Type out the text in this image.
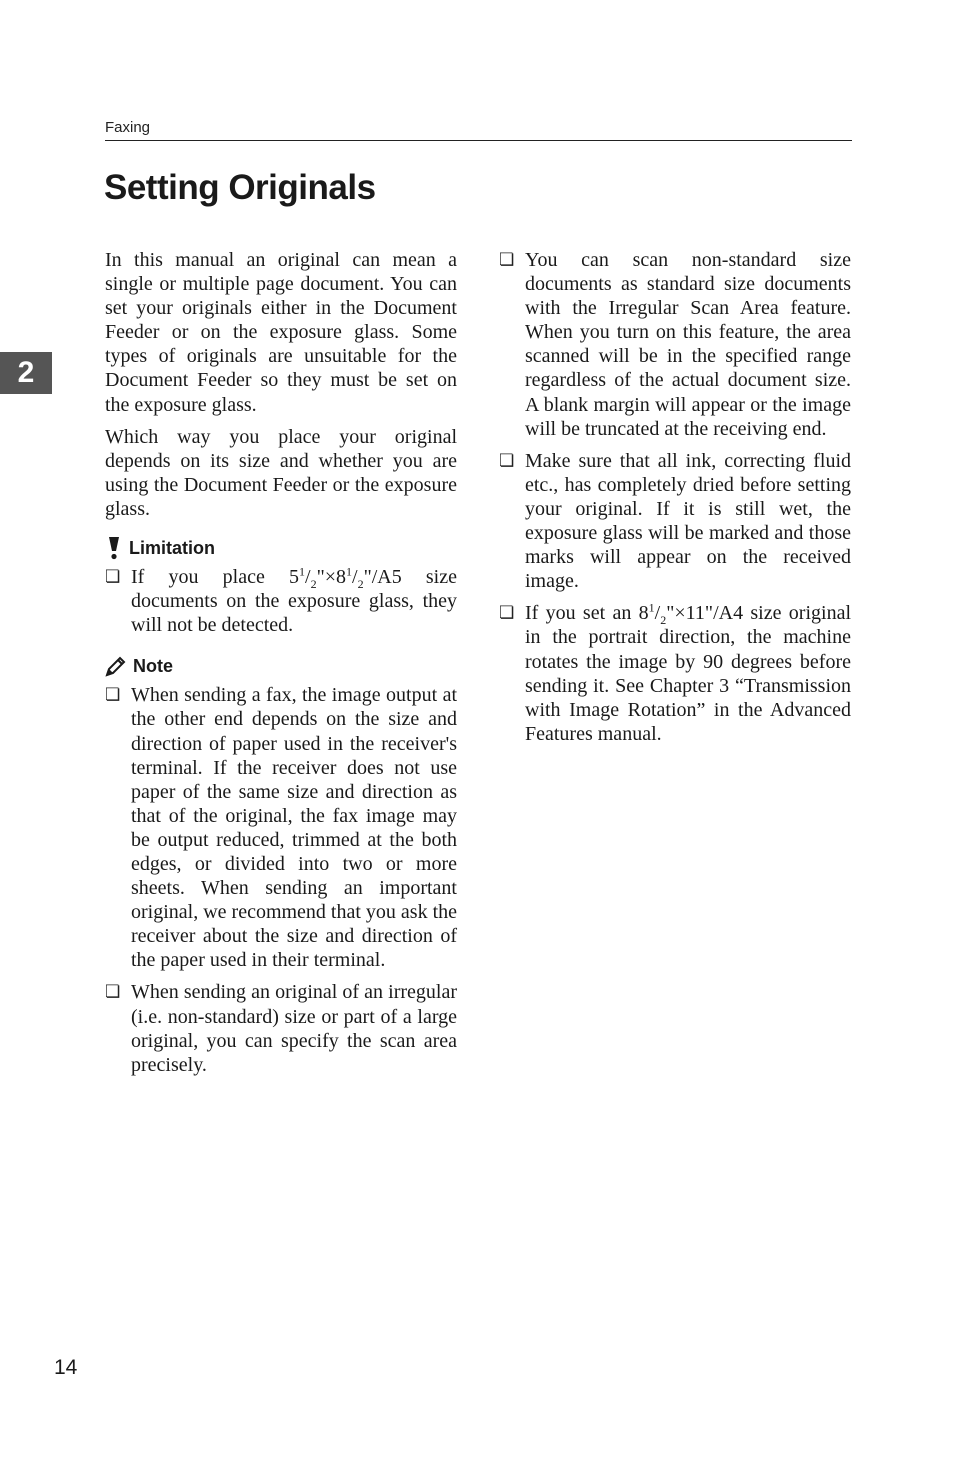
Faxing
Setting Originals
2

In this manual an original can mean a single or multiple page document. You can set your originals either in the Document Feeder or on the exposure glass. Some types of originals are unsuitable for the Document Feeder so they must be set on the exposure glass.

Which way you place your original depends on its size and whether you are using the Document Feeder or the exposure glass.

Limitation
❏ If you place $5^1/_2"\times 8^1/_2"/A5$ size documents on the exposure glass, they will not be detected.
Note
❏ When sending a fax, the image output at the other end depends on the size and direction of paper used in the receiver's terminal. If the receiver does not use paper of the same size and direction as that of the original, the fax image may be output reduced, trimmed at the both edges, or divided into two or more sheets. When sending an important original, we recommend that you ask the receiver about the size and direction of the paper used in their terminal.
❏ When sending an original of an irregular (i.e. non-standard) size or part of a large original, you can specify the scan area precisely.
❏ You can scan non-standard size documents as standard size documents with the Irregular Scan Area feature. When you turn on this feature, the area scanned will be in the specified range regardless of the actual document size. A blank margin will appear or the image will be truncated at the receiving end.
❏ Make sure that all ink, correcting fluid etc., has completely dried before setting your original. If it is still wet, the exposure glass will be marked and those marks will appear on the received image.
❏ If you set an $8^1/_2"\times 11"/A4$ size original in the portrait direction, the machine rotates the image by 90 degrees before sending it. See Chapter 3 “Transmission with Image Rotation” in the Advanced Features manual.
14
